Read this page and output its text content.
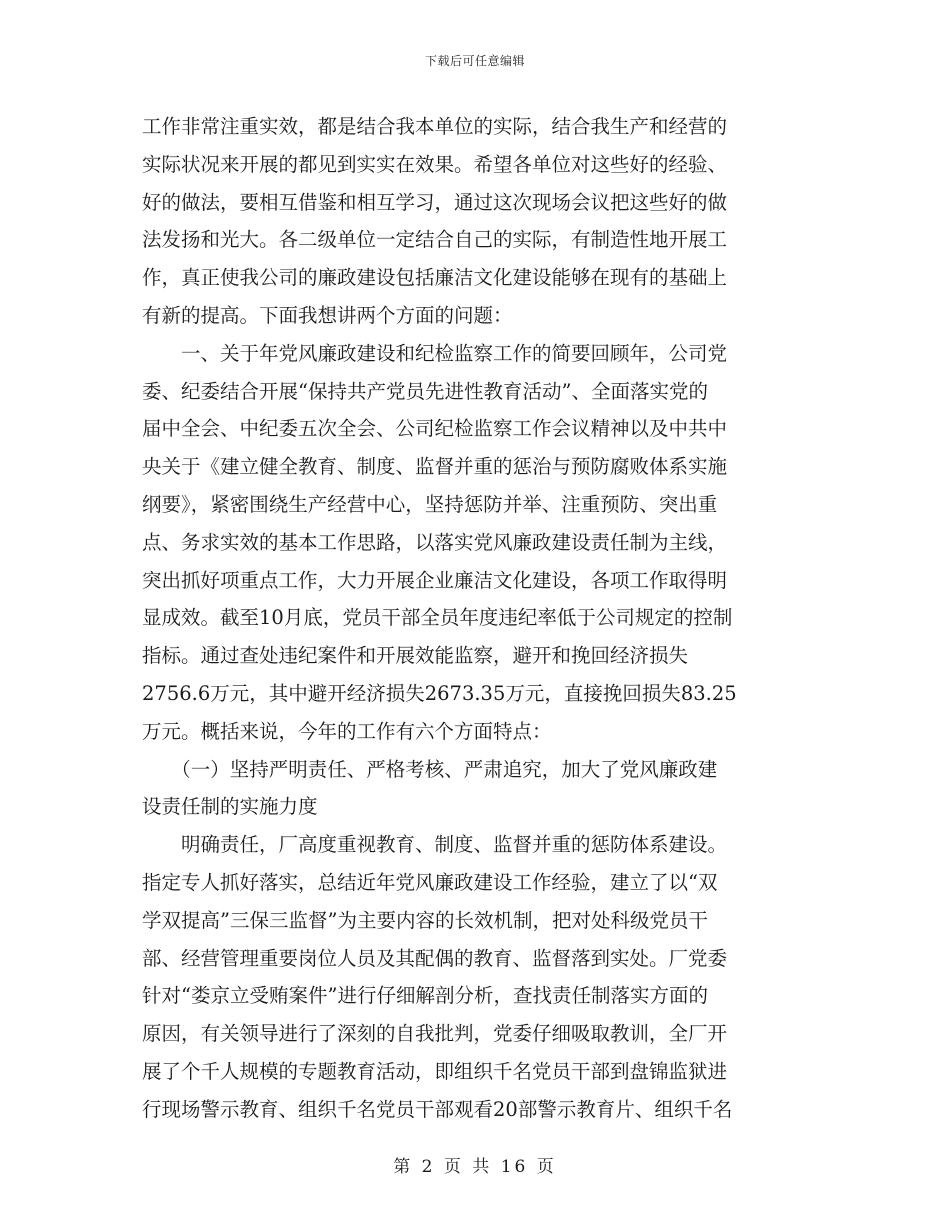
下载后可任意编辑
工作非常注重实效，都是结合我本单位的实际，结合我生产和经营的
实际状况来开展的都见到实实在效果。希望各单位对这些好的经验、
好的做法，要相互借鉴和相互学习，通过这次现场会议把这些好的做
法发扬和光大。各二级单位一定结合自己的实际，有制造性地开展工
作，真正使我公司的廉政建设包括廉洁文化建设能够在现有的基础上
有新的提高。下面我想讲两个方面的问题：
　　一、关于年党风廉政建设和纪检监察工作的简要回顾年，公司党
委、纪委结合开展“保持共产党员先进性教育活动”、全面落实党的
届中全会、中纪委五次全会、公司纪检监察工作会议精神以及中共中
央关于《建立健全教育、制度、监督并重的惩治与预防腐败体系实施
纲要》，紧密围绕生产经营中心，坚持惩防并举、注重预防、突出重
点、务求实效的基本工作思路，以落实党风廉政建设责任制为主线，
突出抓好项重点工作，大力开展企业廉洁文化建设，各项工作取得明
显成效。截至10月底，党员干部全员年度违纪率低于公司规定的控制
指标。通过查处违纪案件和开展效能监察，避开和挽回经济损失
2756.6万元，其中避开经济损失2673.35万元，直接挽回损失83.25
万元。概括来说，今年的工作有六个方面特点：
　　（一）坚持严明责任、严格考核、严肃追究，加大了党风廉政建
设责任制的实施力度
　　明确责任，厂高度重视教育、制度、监督并重的惩防体系建设。
指定专人抓好落实，总结近年党风廉政建设工作经验，建立了以“双
学双提高”三保三监督”为主要内容的长效机制，把对处科级党员干
部、经营管理重要岗位人员及其配偶的教育、监督落到实处。厂党委
针对“娄京立受贿案件”进行仔细解剖分析，查找责任制落实方面的
原因，有关领导进行了深刻的自我批判，党委仔细吸取教训，全厂开
展了个千人规模的专题教育活动，即组织千名党员干部到盘锦监狱进
行现场警示教育、组织千名党员干部观看20部警示教育片、组织千名
第 2 页 共 16 页
